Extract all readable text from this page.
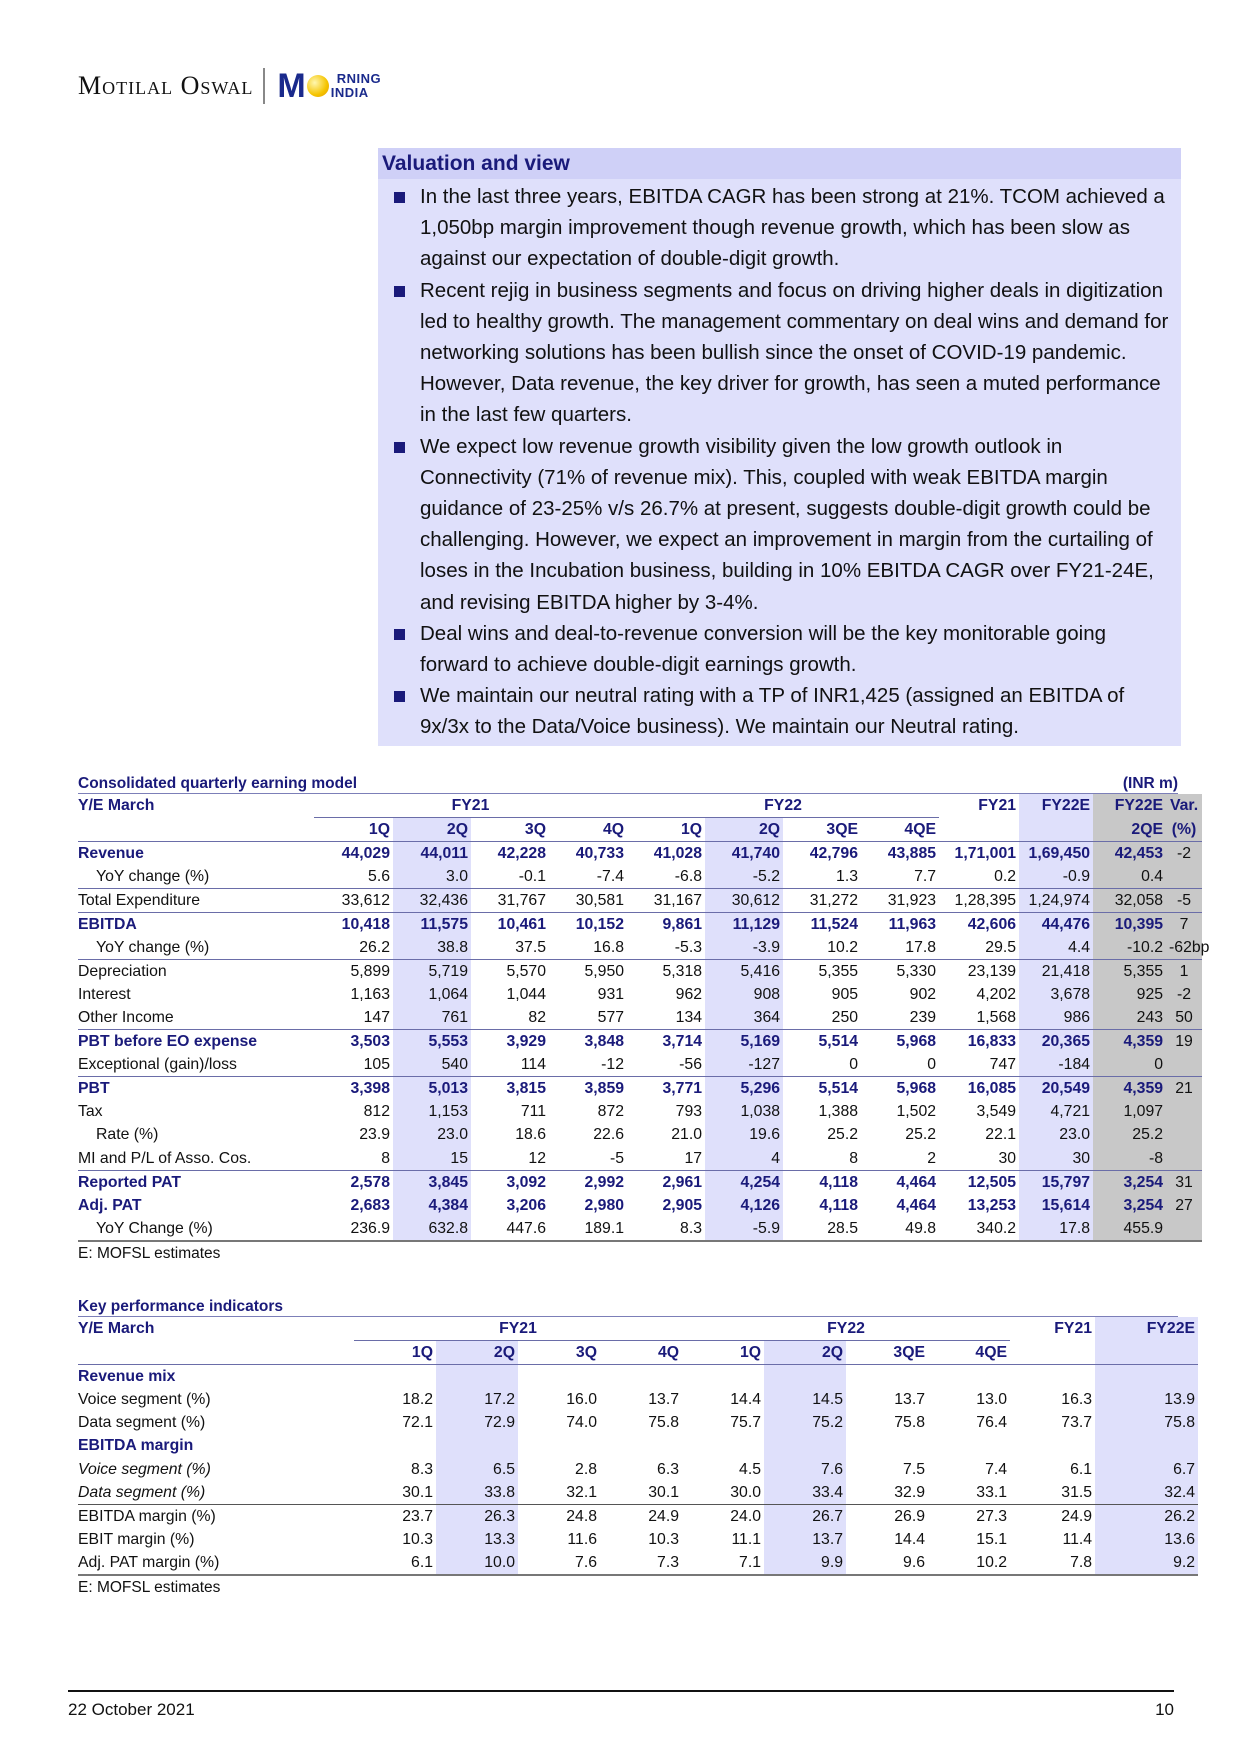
Motilal Oswal M	RNING
INDIA
Valuation and view
In the last three years, EBITDA CAGR has been strong at 21%. TCOM achieved a 1,050bp margin improvement though revenue growth, which has been slow as against our expectation of double-digit growth.
Recent rejig in business segments and focus on driving higher deals in digitization led to healthy growth. The management commentary on deal wins and demand for networking solutions has been bullish since the onset of COVID-19 pandemic. However, Data revenue, the key driver for growth, has seen a muted performance in the last few quarters.
We expect low revenue growth visibility given the low growth outlook in Connectivity (71% of revenue mix). This, coupled with weak EBITDA margin guidance of 23-25% v/s 26.7% at present, suggests double-digit growth could be challenging. However, we expect an improvement in margin from the curtailing of loses in the Incubation business, building in 10% EBITDA CAGR over FY21-24E, and revising EBITDA higher by 3-4%.
Deal wins and deal-to-revenue conversion will be the key monitorable going forward to achieve double-digit earnings growth.
We maintain our neutral rating with a TP of INR1,425 (assigned an EBITDA of 9x/3x to the Data/Voice business). We maintain our Neutral rating.
Consolidated quarterly earning model	(INR m)
Y/E March	FY21				FY22				FY21	FY22E	FY22E	Var.
	1Q	2Q	3Q	4Q	1Q	2Q	3QE	4QE			2QE	(%)
Revenue	44,029	44,011	42,228	40,733	41,028	41,740	42,796	43,885	1,71,001	1,69,450	42,453	-2
YoY change (%)	5.6	3.0	-0.1	-7.4	-6.8	-5.2	1.3	7.7	0.2	-0.9	0.4	
Total Expenditure	33,612	32,436	31,767	30,581	31,167	30,612	31,272	31,923	1,28,395	1,24,974	32,058	-5
EBITDA	10,418	11,575	10,461	10,152	9,861	11,129	11,524	11,963	42,606	44,476	10,395	7
YoY change (%)	26.2	38.8	37.5	16.8	-5.3	-3.9	10.2	17.8	29.5	4.4	-10.2	-62bp
Depreciation	5,899	5,719	5,570	5,950	5,318	5,416	5,355	5,330	23,139	21,418	5,355	1
Interest	1,163	1,064	1,044	931	962	908	905	902	4,202	3,678	925	-2
Other Income	147	761	82	577	134	364	250	239	1,568	986	243	50
PBT before EO expense	3,503	5,553	3,929	3,848	3,714	5,169	5,514	5,968	16,833	20,365	4,359	19
Exceptional (gain)/loss	105	540	114	-12	-56	-127	0	0	747	-184	0	
PBT	3,398	5,013	3,815	3,859	3,771	5,296	5,514	5,968	16,085	20,549	4,359	21
Tax	812	1,153	711	872	793	1,038	1,388	1,502	3,549	4,721	1,097	
Rate (%)	23.9	23.0	18.6	22.6	21.0	19.6	25.2	25.2	22.1	23.0	25.2	
MI and P/L of Asso. Cos.	8	15	12	-5	17	4	8	2	30	30	-8	
Reported PAT	2,578	3,845	3,092	2,992	2,961	4,254	4,118	4,464	12,505	15,797	3,254	31
Adj. PAT	2,683	4,384	3,206	2,980	2,905	4,126	4,118	4,464	13,253	15,614	3,254	27
YoY Change (%)	236.9	632.8	447.6	189.1	8.3	-5.9	28.5	49.8	340.2	17.8	455.9	
E: MOFSL estimates
Key performance indicators
Y/E March	FY21				FY22				FY21	FY22E
	1Q	2Q	3Q	4Q	1Q	2Q	3QE	4QE		
Revenue mix										
Voice segment (%)	18.2	17.2	16.0	13.7	14.4	14.5	13.7	13.0	16.3	13.9
Data segment (%)	72.1	72.9	74.0	75.8	75.7	75.2	75.8	76.4	73.7	75.8
EBITDA margin										
Voice segment (%)	8.3	6.5	2.8	6.3	4.5	7.6	7.5	7.4	6.1	6.7
Data segment (%)	30.1	33.8	32.1	30.1	30.0	33.4	32.9	33.1	31.5	32.4
EBITDA margin (%)	23.7	26.3	24.8	24.9	24.0	26.7	26.9	27.3	24.9	26.2
EBIT margin (%)	10.3	13.3	11.6	10.3	11.1	13.7	14.4	15.1	11.4	13.6
Adj. PAT margin (%)	6.1	10.0	7.6	7.3	7.1	9.9	9.6	10.2	7.8	9.2
E: MOFSL estimates
22 October 2021	10
